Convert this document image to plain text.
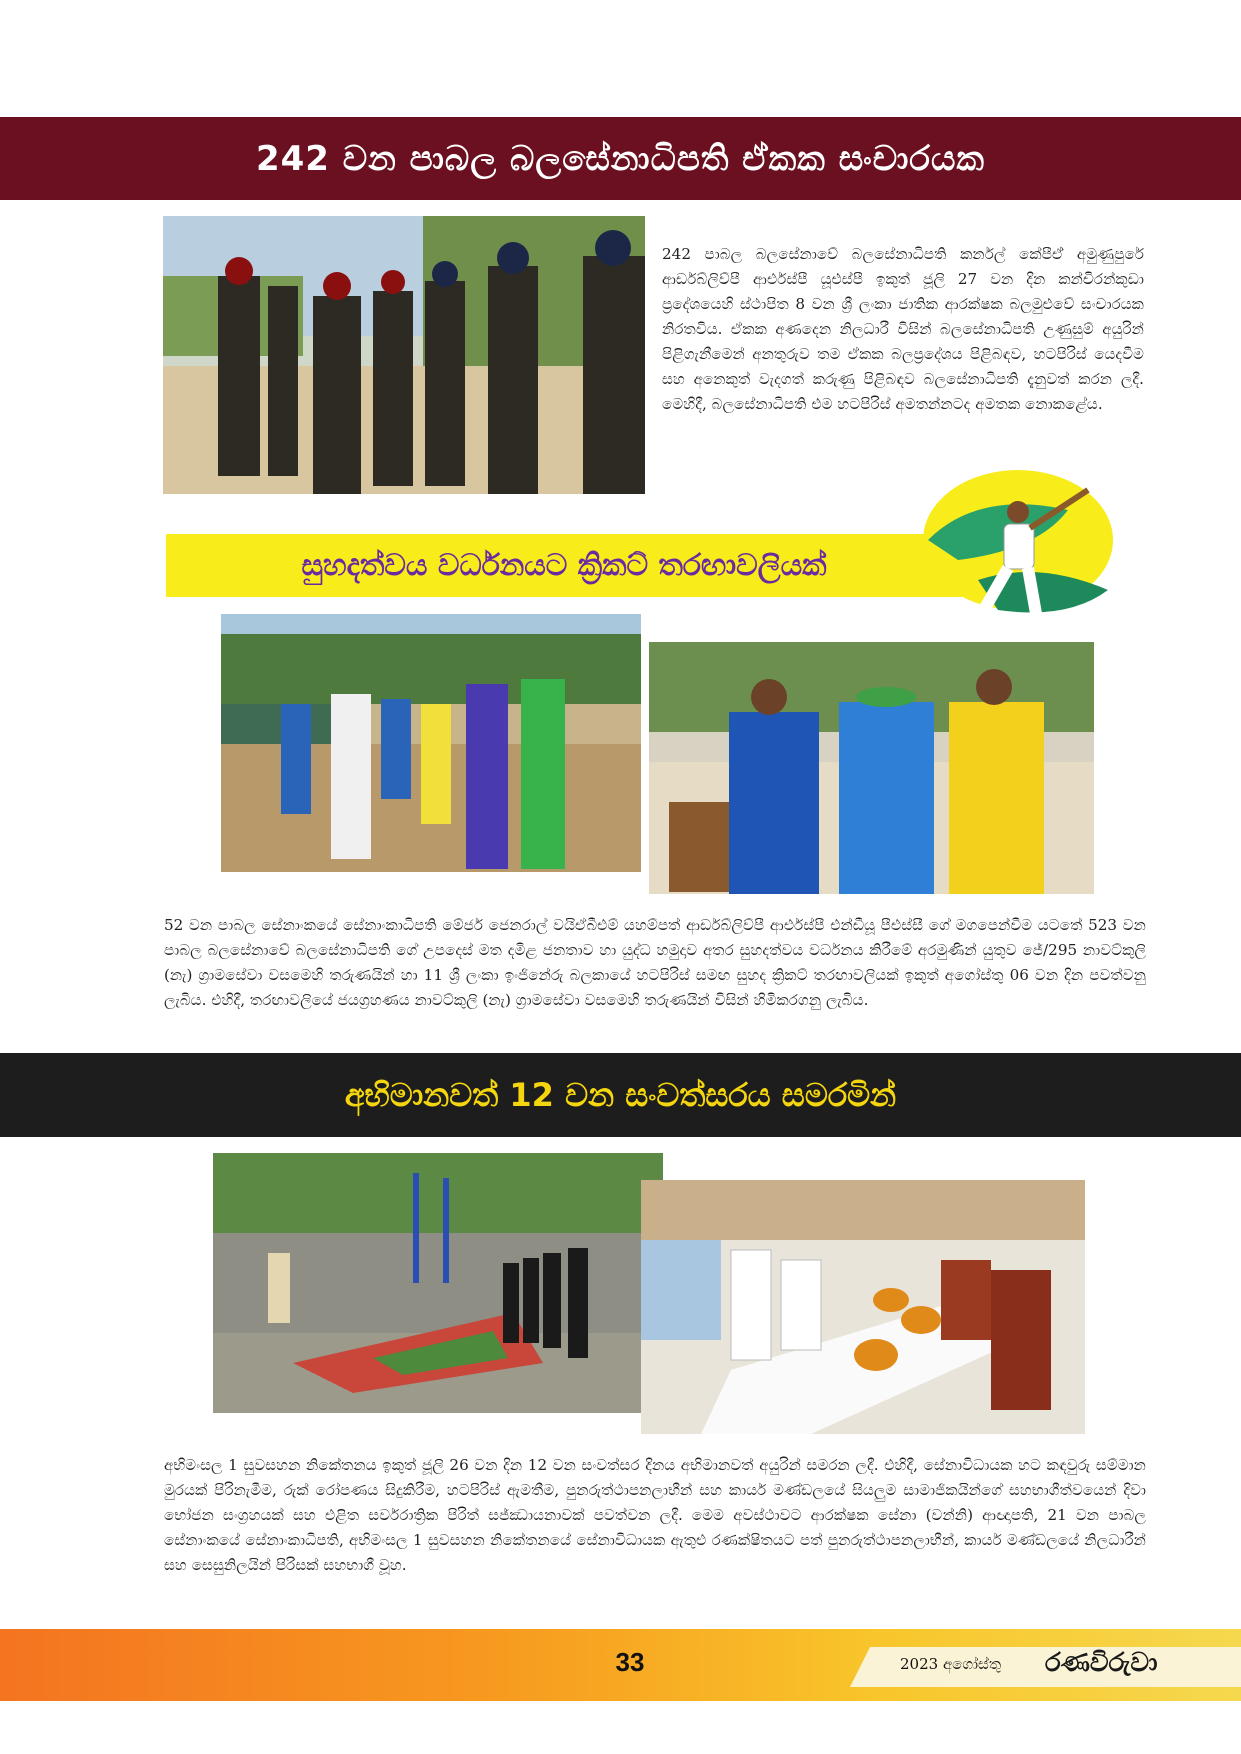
242 වන පාබල බලසේනාධිපති ඒකක සංචාරයක
242 පාබල බලසේනාවේ බලසේනාධිපති කර්නල් කේපීඒ් අමුණුපුරේ ආර්ඩබ්ලිව්පී ආර්එස්පී යූඑස්පී ඉකුත් ජූලි 27 වන දින කන්චිරන්කුඩා ප්‍රදේශයෙහි ස්ථාපිත 8 වන ශ්‍රී ලංකා ජාතික ආරක්ෂක බලමුළුවේ සංචාරයක නිරතවිය. ඒකක අණදෙන නිලධාරී විසින් බලසේනාධිපති උණුසුම් අයුරින් පිළිගැනීමෙන් අනතුරුව තම ඒකක බලප්‍රදේශය පිළිබඳව, හටපිරිස් යෙදවීම සහ අනෙකුත් වැදගත් කරුණු පිළිබඳව බලසේනාධිපති දැනුවත් කරන ලදී. මෙහිදී, බලසේනාධිපති එම හටපිරිස් අමතන්නටද අමතක නොකළේය.
සුහදත්වය වර්ධනයට ක්‍රිකට් තරඟාවලියක්
52 වන පාබල සේනාංකයේ සේනාංකාධිපති මේජර් ජෙනරාල් වයිඒබීඑම් යහම්පත් ආර්ඩබ්ලිව්පී ආර්එස්පී එන්ඩීයූ පීඑස්සී ගේ මගපෙන්වීම යටතේ 523 වන පාබල බලසේනාවේ බලසේනාධිපති ගේ උපදෙස් මත දමිළ ජනතාව හා යුද්ධ හමුදාව අතර සුහදත්වය වර්ධනය කිරීමේ අරමුණින් යුතුව ජේ/295 නාවට්කුලි (නැ) ග්‍රාමසේවා වසමෙහි තරුණයින් හා 11 ශ්‍රී ලංකා ඉංජිනේරු බලකායේ හටපිරිස් සමඟ සුහද ක්‍රිකට් තරඟාවලියක් ඉකුත් අගෝස්තු 06 වන දින පවත්වනු ලැබිය. එහිදී, තරඟාවලියේ ජයග්‍රහණය නාවට්කුලි (නැ) ග්‍රාමසේවා වසමෙහි තරුණයින් විසින් හිමිකරගනු ලැබිය.
අභිමානවත් 12 වන සංවත්සරය සමරමින්
අභිමංසල 1 සුවසහන නිකේතනය ඉකුත් ජූලි 26 වන දින 12 වන සංවත්සර දිනය අභිමානවත් අයුරින් සමරන ලදී. එහිදී, සේනාවිධායක හට කඳවුරු සම්මාන මුරයක් පිරිනැමීම, රුක් රෝපණය සිදුකිරීම, හටපිරිස් ඇමතීම, පුනරුත්ථාපනලාභීන් සහ කාර්ය මණ්ඩලයේ සියලුම සාමාජිකයින්ගේ සහභාගීත්වයෙන් දිවා භෝජන සංග්‍රහයක් සහ එළිත සර්වරාත්‍රික පිරිත් සජ්ඣායනාවක් පවත්වන ලදී. මෙම අවස්ථාවට ආරක්ෂක සේනා (වන්නි) ආඥාපති, 21 වන පාබල සේනාංකයේ සේනාංකාධිපති, අභිමංසල 1 සුවසහන නිකේතනයේ සේනාවිධායක ඇතුළු රණක්ෂිතයට පත් පුනරුත්ථාපනලාභීන්, කාර්ය මණ්ඩලයේ නිලධාරීන් සහ සෙසුනිලයින් පිරිසක් සහභාගී වූහ.
33	2023 අගෝස්තු රණවිරුවා
